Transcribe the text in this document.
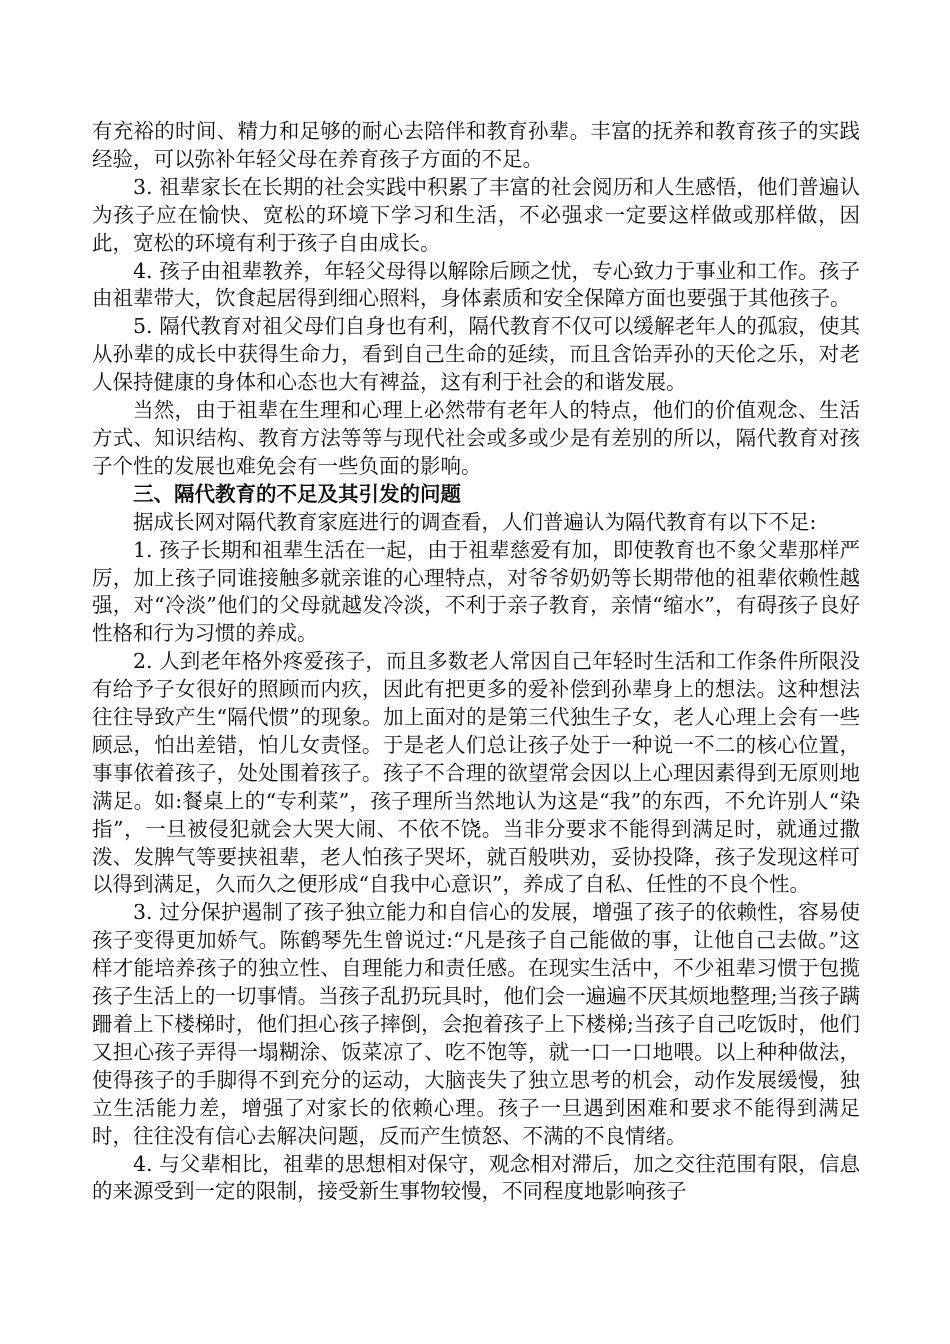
有充裕的时间、精力和足够的耐心去陪伴和教育孙辈。丰富的抚养和教育孩子的实践经验，可以弥补年轻父母在养育孩子方面的不足。

3. 祖辈家长在长期的社会实践中积累了丰富的社会阅历和人生感悟，他们普遍认为孩子应在愉快、宽松的环境下学习和生活，不必强求一定要这样做或那样做，因此，宽松的环境有利于孩子自由成长。

4. 孩子由祖辈教养，年轻父母得以解除后顾之忧，专心致力于事业和工作。孩子由祖辈带大，饮食起居得到细心照料，身体素质和安全保障方面也要强于其他孩子。

5. 隔代教育对祖父母们自身也有利，隔代教育不仅可以缓解老年人的孤寂，使其从孙辈的成长中获得生命力，看到自己生命的延续，而且含饴弄孙的天伦之乐，对老人保持健康的身体和心态也大有裨益，这有利于社会的和谐发展。

当然，由于祖辈在生理和心理上必然带有老年人的特点，他们的价值观念、生活方式、知识结构、教育方法等等与现代社会或多或少是有差别的所以，隔代教育对孩子个性的发展也难免会有一些负面的影响。

三、隔代教育的不足及其引发的问题

据成长网对隔代教育家庭进行的调查看，人们普遍认为隔代教育有以下不足:

1. 孩子长期和祖辈生活在一起，由于祖辈慈爱有加，即使教育也不象父辈那样严厉，加上孩子同谁接触多就亲谁的心理特点，对爷爷奶奶等长期带他的祖辈依赖性越强，对“冷淡”他们的父母就越发冷淡，不利于亲子教育，亲情“缩水”，有碍孩子良好性格和行为习惯的养成。

2. 人到老年格外疼爱孩子，而且多数老人常因自己年轻时生活和工作条件所限没有给予子女很好的照顾而内疚，因此有把更多的爱补偿到孙辈身上的想法。这种想法往往导致产生“隔代惯”的现象。加上面对的是第三代独生子女，老人心理上会有一些顾忌，怕出差错，怕儿女责怪。于是老人们总让孩子处于一种说一不二的核心位置，事事依着孩子，处处围着孩子。孩子不合理的欲望常会因以上心理因素得到无原则地满足。如:餐桌上的“专利菜”，孩子理所当然地认为这是“我”的东西，不允许别人“染指”，一旦被侵犯就会大哭大闹、不依不饶。当非分要求不能得到满足时，就通过撒泼、发脾气等要挟祖辈，老人怕孩子哭坏，就百般哄劝，妥协投降，孩子发现这样可以得到满足，久而久之便形成“自我中心意识”，养成了自私、任性的不良个性。

3. 过分保护遏制了孩子独立能力和自信心的发展，增强了孩子的依赖性，容易使孩子变得更加娇气。陈鹤琴先生曾说过:“凡是孩子自己能做的事，让他自己去做。”这样才能培养孩子的独立性、自理能力和责任感。在现实生活中，不少祖辈习惯于包揽孩子生活上的一切事情。当孩子乱扔玩具时，他们会一遍遍不厌其烦地整理;当孩子蹒跚着上下楼梯时，他们担心孩子摔倒，会抱着孩子上下楼梯;当孩子自己吃饭时，他们又担心孩子弄得一塌糊涂、饭菜凉了、吃不饱等，就一口一口地喂。以上种种做法，使得孩子的手脚得不到充分的运动，大脑丧失了独立思考的机会，动作发展缓慢，独立生活能力差，增强了对家长的依赖心理。孩子一旦遇到困难和要求不能得到满足时，往往没有信心去解决问题，反而产生愤怒、不满的不良情绪。

4. 与父辈相比，祖辈的思想相对保守，观念相对滞后，加之交往范围有限，信息的来源受到一定的限制，接受新生事物较慢，不同程度地影响孩子
